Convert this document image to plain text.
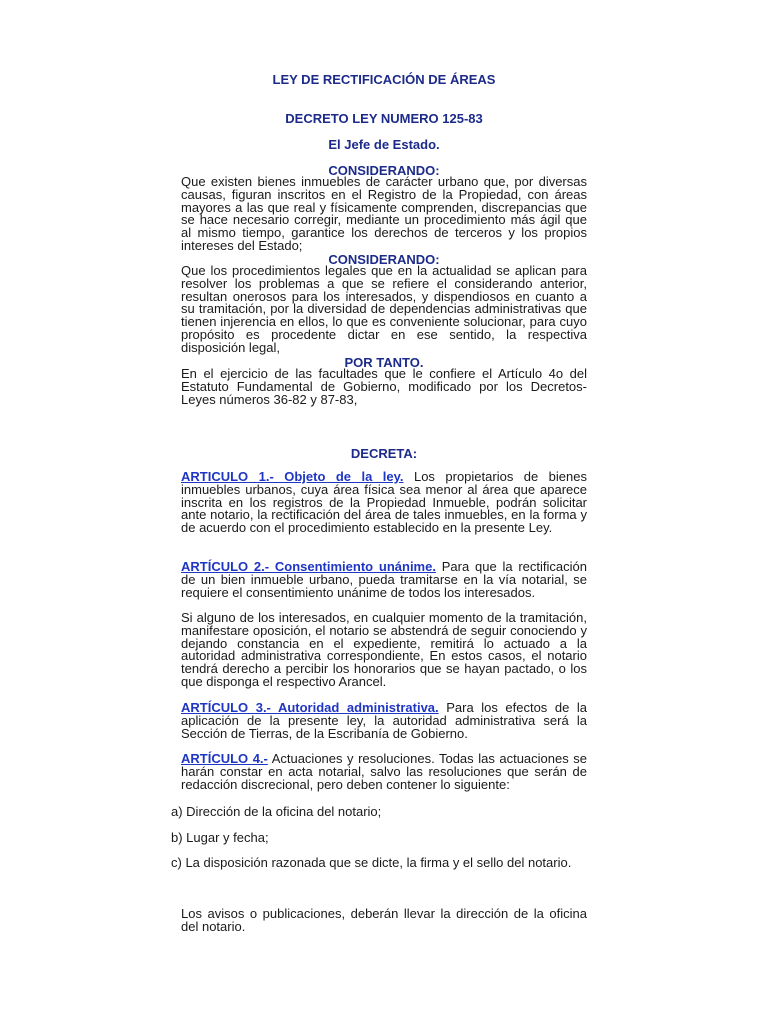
LEY DE RECTIFICACIÓN DE ÁREAS

DECRETO LEY NUMERO 125-83

El Jefe de Estado.

CONSIDERANDO:

Que existen bienes inmuebles de carácter urbano que, por diversas causas, figuran inscritos en el Registro de la Propiedad, con áreas mayores a las que real y físicamente comprenden, discrepancias que se hace necesario corregir, mediante un procedimiento más ágil que al mismo tiempo, garantice los derechos de terceros y los propios intereses del Estado;

CONSIDERANDO:

Que los procedimientos legales que en la actualidad se aplican para resolver los problemas a que se refiere el considerando anterior, resultan onerosos para los interesados, y dispendiosos en cuanto a su tramitación, por la diversidad de dependencias administrativas que tienen injerencia en ellos, lo que es conveniente solucionar, para cuyo propósito es procedente dictar en ese sentido, la respectiva disposición legal,

POR TANTO.

En el ejercicio de las facultades que le confiere el Artículo 4o del Estatuto Fundamental de Gobierno, modificado por los Decretos-Leyes números 36-82 y 87-83,

DECRETA:

ARTICULO 1.- Objeto de la ley. Los propietarios de bienes inmuebles urbanos, cuya área física sea menor al área que aparece inscrita en los registros de la Propiedad Inmueble, podrán solicitar ante notario, la rectificación del área de tales inmuebles, en la forma y de acuerdo con el procedimiento establecido en la presente Ley.

ARTÍCULO 2.- Consentimiento unánime. Para que la rectificación de un bien inmueble urbano, pueda tramitarse en la vía notarial, se requiere el consentimiento unánime de todos los interesados.

Si alguno de los interesados, en cualquier momento de la tramitación, manifestare oposición, el notario se abstendrá de seguir conociendo y dejando constancia en el expediente, remitirá lo actuado a la autoridad administrativa correspondiente, En estos casos, el notario tendrá derecho a percibir los honorarios que se hayan pactado, o los que disponga el respectivo Arancel.

ARTÍCULO 3.- Autoridad administrativa. Para los efectos de la aplicación de la presente ley, la autoridad administrativa será la Sección de Tierras, de la Escribanía de Gobierno.

ARTÍCULO 4.- Actuaciones y resoluciones. Todas las actuaciones se harán constar en acta notarial, salvo las resoluciones que serán de redacción discrecional, pero deben contener lo siguiente:

a) Dirección de la oficina del notario;

b) Lugar y fecha;

c) La disposición razonada que se dicte, la firma y el sello del notario.

Los avisos o publicaciones, deberán llevar la dirección de la oficina del notario.
